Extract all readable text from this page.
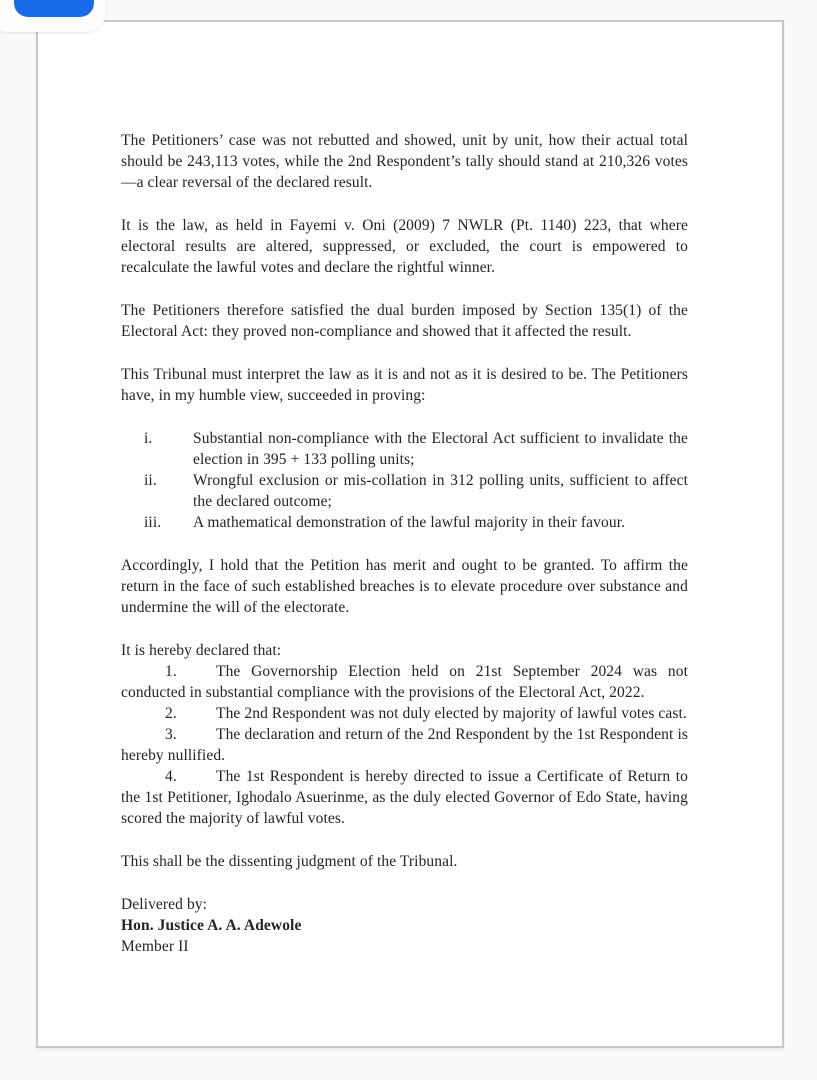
The Petitioners’ case was not rebutted and showed, unit by unit, how their actual total should be 243,113 votes, while the 2nd Respondent’s tally should stand at 210,326 votes—a clear reversal of the declared result.

It is the law, as held in Fayemi v. Oni (2009) 7 NWLR (Pt. 1140) 223, that where electoral results are altered, suppressed, or excluded, the court is empowered to recalculate the lawful votes and declare the rightful winner.

The Petitioners therefore satisfied the dual burden imposed by Section 135(1) of the Electoral Act: they proved non-compliance and showed that it affected the result.

This Tribunal must interpret the law as it is and not as it is desired to be. The Petitioners have, in my humble view, succeeded in proving:

i.	Substantial non-compliance with the Electoral Act sufficient to invalidate the election in 395 + 133 polling units;
ii. Wrongful exclusion or mis-collation in 312 polling units, sufficient to affect the declared outcome;
iii. A mathematical demonstration of the lawful majority in their favour.

Accordingly, I hold that the Petition has merit and ought to be granted. To affirm the return in the face of such established breaches is to elevate procedure over substance and undermine the will of the electorate.

It is hereby declared that:

1.	The Governorship Election held on 21st September 2024 was not conducted in substantial compliance with the provisions of the Electoral Act, 2022.

2.	The 2nd Respondent was not duly elected by majority of lawful votes cast.

3.	The declaration and return of the 2nd Respondent by the 1st Respondent is hereby nullified.

4.	The 1st Respondent is hereby directed to issue a Certificate of Return to the 1st Petitioner, Ighodalo Asuerinme, as the duly elected Governor of Edo State, having scored the majority of lawful votes.

This shall be the dissenting judgment of the Tribunal.

Delivered by:

Hon. Justice A. A. Adewole

Member II
